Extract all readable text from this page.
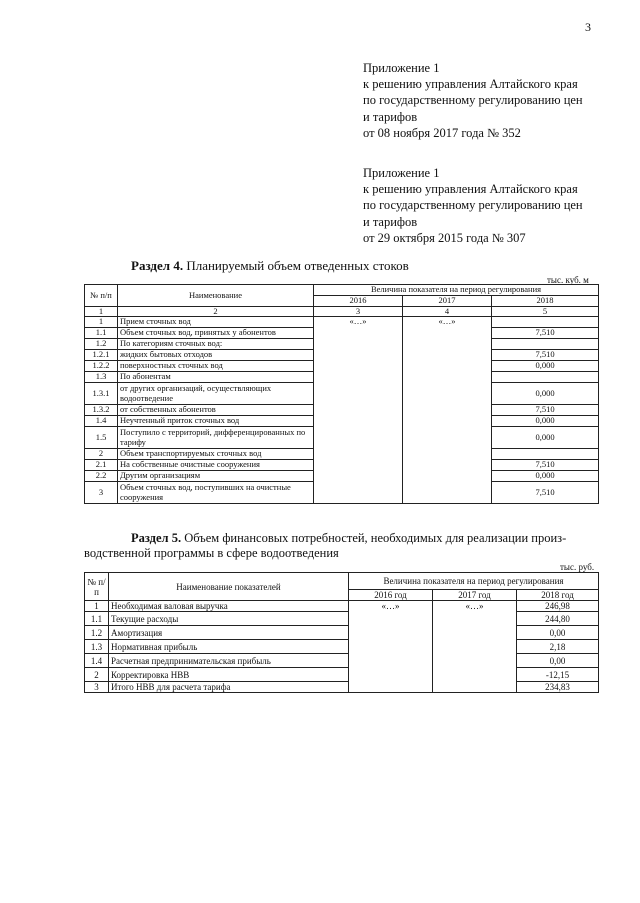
3
Приложение 1
к решению управления Алтайского края
по государственному регулированию цен
и тарифов
от 08 ноября 2017 года № 352
Приложение 1
к решению управления Алтайского края
по государственному регулированию цен
и тарифов
от 29 октября 2015 года № 307
Раздел 4. Планируемый объем отведенных стоков
тыс. куб. м
№ п/п	Наименование	Величина показателя на период регулирования		
		2016	2017	2018
1	2	3	4	5
1	Прием сточных вод	«…»	«…»	
1.1	Объем сточных вод, принятых у абонентов			7,510
1.2	По категориям сточных вод:			
1.2.1	жидких бытовых отходов			7,510
1.2.2	поверхностных сточных вод			0,000
1.3	По абонентам			
1.3.1	от других организаций, осуществляющих водоотведение			0,000
1.3.2	от собственных абонентов			7,510
1.4	Неучтенный приток сточных вод			0,000
1.5	Поступило с территорий, дифференцированных по тарифу			0,000
2	Объем транспортируемых сточных вод			
2.1	На собственные очистные сооружения			7,510
2.2	Другим организациям			0,000
3	Объем сточных вод, поступивших на очистные сооружения			7,510
Раздел 5. Объем финансовых потребностей, необходимых для реализации произ-
водственной программы в сфере водоотведения
тыс. руб.
№ п/п	Наименование показателей	Величина показателя на период регулирования		
		2016 год	2017 год	2018 год
1	Необходимая валовая выручка	«…»	«…»	246,98
1.1	Текущие расходы			244,80
1.2	Амортизация			0,00
1.3	Нормативная прибыль			2,18
1.4	Расчетная предпринимательская прибыль			0,00
2	Корректировка НВВ			-12,15
3	Итого НВВ для расчета тарифа			234,83
